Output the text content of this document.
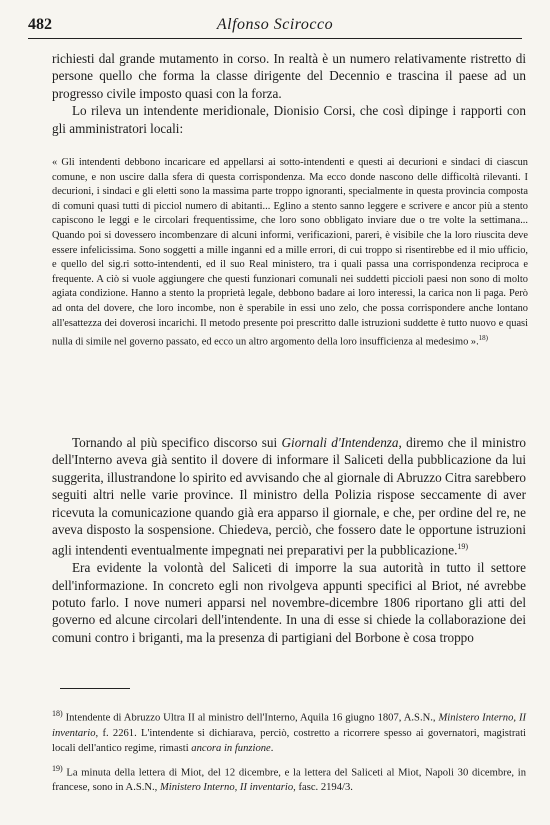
482	Alfonso Scirocco

richiesti dal grande mutamento in corso. In realtà è un numero relativamente ristretto di persone quello che forma la classe dirigente del Decennio e trascina il paese ad un progresso civile imposto quasi con la forza.

Lo rileva un intendente meridionale, Dionisio Corsi, che così dipinge i rapporti con gli amministratori locali:

« Gli intendenti debbono incaricare ed appellarsi ai sotto-intendenti e questi ai decurioni e sindaci di ciascun comune, e non uscire dalla sfera di questa corrispondenza. Ma ecco donde nascono delle difficoltà rilevanti. I decurioni, i sindaci e gli eletti sono la massima parte troppo ignoranti, specialmente in questa provincia composta di comuni quasi tutti di picciol numero di abitanti... Eglino a stento sanno leggere e scrivere e ancor più a stento capiscono le leggi e le circolari frequentissime, che loro sono obbligato inviare due o tre volte la settimana... Quando poi si dovessero incombenzare di alcuni informi, verificazioni, pareri, è visibile che la loro riuscita deve essere infelicissima. Sono soggetti a mille inganni ed a mille errori, di cui troppo si risentirebbe ed il mio ufficio, e quello del sig.ri sotto-intendenti, ed il suo Real ministero, tra i quali passa una corrispondenza reciproca e frequente. A ciò si vuole aggiungere che questi funzionari comunali nei suddetti piccioli paesi non sono di molto agiata condizione. Hanno a stento la proprietà legale, debbono badare ai loro interessi, la carica non li paga. Però ad onta del dovere, che loro incombe, non è sperabile in essi uno zelo, che possa corrispondere anche lontano all'esattezza dei doverosi incarichi. Il metodo presente poi prescritto dalle istruzioni suddette è tutto nuovo e quasi nulla di simile nel governo passato, ed ecco un altro argomento della loro insufficienza al medesimo ».$^{18)}$

Tornando al più specifico discorso sui Giornali d'Intendenza, diremo che il ministro dell'Interno aveva già sentito il dovere di informare il Saliceti della pubblicazione da lui suggerita, illustrandone lo spirito ed avvisando che al giornale di Abruzzo Citra sarebbero seguiti altri nelle varie province. Il ministro della Polizia rispose seccamente di aver ricevuta la comunicazione quando già era apparso il giornale, e che, per ordine del re, ne aveva disposto la sospensione. Chiedeva, perciò, che fossero date le opportune istruzioni agli intendenti eventualmente impegnati nei preparativi per la pubblicazione.$^{19)}$

Era evidente la volontà del Saliceti di imporre la sua autorità in tutto il settore dell'informazione. In concreto egli non rivolgeva appunti specifici al Briot, né avrebbe potuto farlo. I nove numeri apparsi nel novembre-dicembre 1806 riportano gli atti del governo ed alcune circolari dell'intendente. In una di esse si chiede la collaborazione dei comuni contro i briganti, ma la presenza di partigiani del Borbone è cosa troppo

$^{18)}$ Intendente di Abruzzo Ultra II al ministro dell'Interno, Aquila 16 giugno 1807, A.S.N., Ministero Interno, II inventario, f. 2261. L'intendente si dichiarava, perciò, costretto a ricorrere spesso ai governatori, magistrati locali dell'antico regime, rimasti ancora in funzione.

$^{19)}$ La minuta della lettera di Miot, del 12 dicembre, e la lettera del Saliceti al Miot, Napoli 30 dicembre, in francese, sono in A.S.N., Ministero Interno, II inventario, fasc. 2194/3.
